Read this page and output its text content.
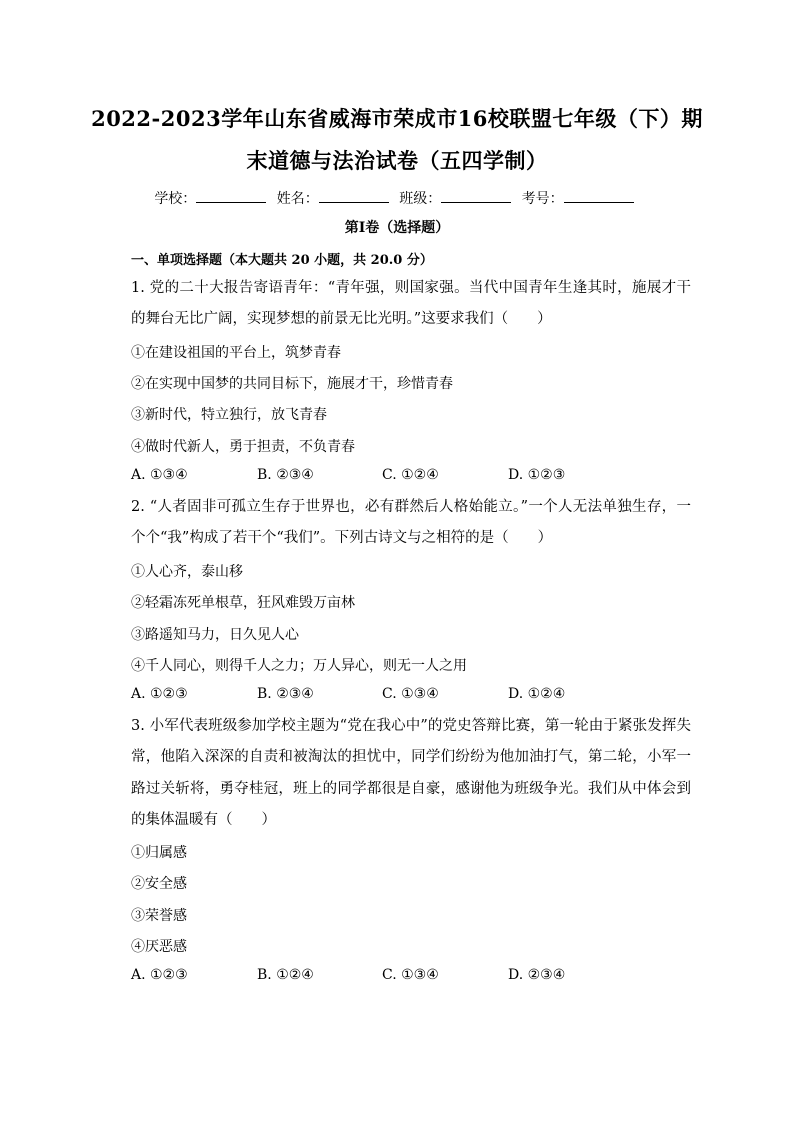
2022-2023学年山东省威海市荣成市16校联盟七年级（下）期
末道德与法治试卷（五四学制）
学校：	姓名：	班级：	考号：
第Ⅰ卷（选择题）
一、单项选择题（本大题共 20 小题，共 20.0 分）
1. 党的二十大报告寄语青年：“青年强，则国家强。当代中国青年生逢其时，施展才干的舞台无比广阔，实现梦想的前景无比光明。”这要求我们（　　）
①在建设祖国的平台上，筑梦青春
②在实现中国梦的共同目标下，施展才干，珍惜青春
③新时代，特立独行，放飞青春
④做时代新人，勇于担责，不负青春
A. ①③④	B. ②③④	C. ①②④	D. ①②③
2. “人者固非可孤立生存于世界也，必有群然后人格始能立。”一个人无法单独生存，一个个“我”构成了若干个“我们”。下列古诗文与之相符的是（　　）
①人心齐，泰山移
②轻霜冻死单根草，狂风难毁万亩林
③路遥知马力，日久见人心
④千人同心，则得千人之力；万人异心，则无一人之用
A. ①②③	B. ②③④	C. ①③④	D. ①②④
3. 小军代表班级参加学校主题为“党在我心中”的党史答辩比赛，第一轮由于紧张发挥失常，他陷入深深的自责和被淘汰的担忧中，同学们纷纷为他加油打气，第二轮，小军一路过关斩将，勇夺桂冠，班上的同学都很是自豪，感谢他为班级争光。我们从中体会到的集体温暖有（　　）
①归属感
②安全感
③荣誉感
④厌恶感
A. ①②③	B. ①②④	C. ①③④	D. ②③④
